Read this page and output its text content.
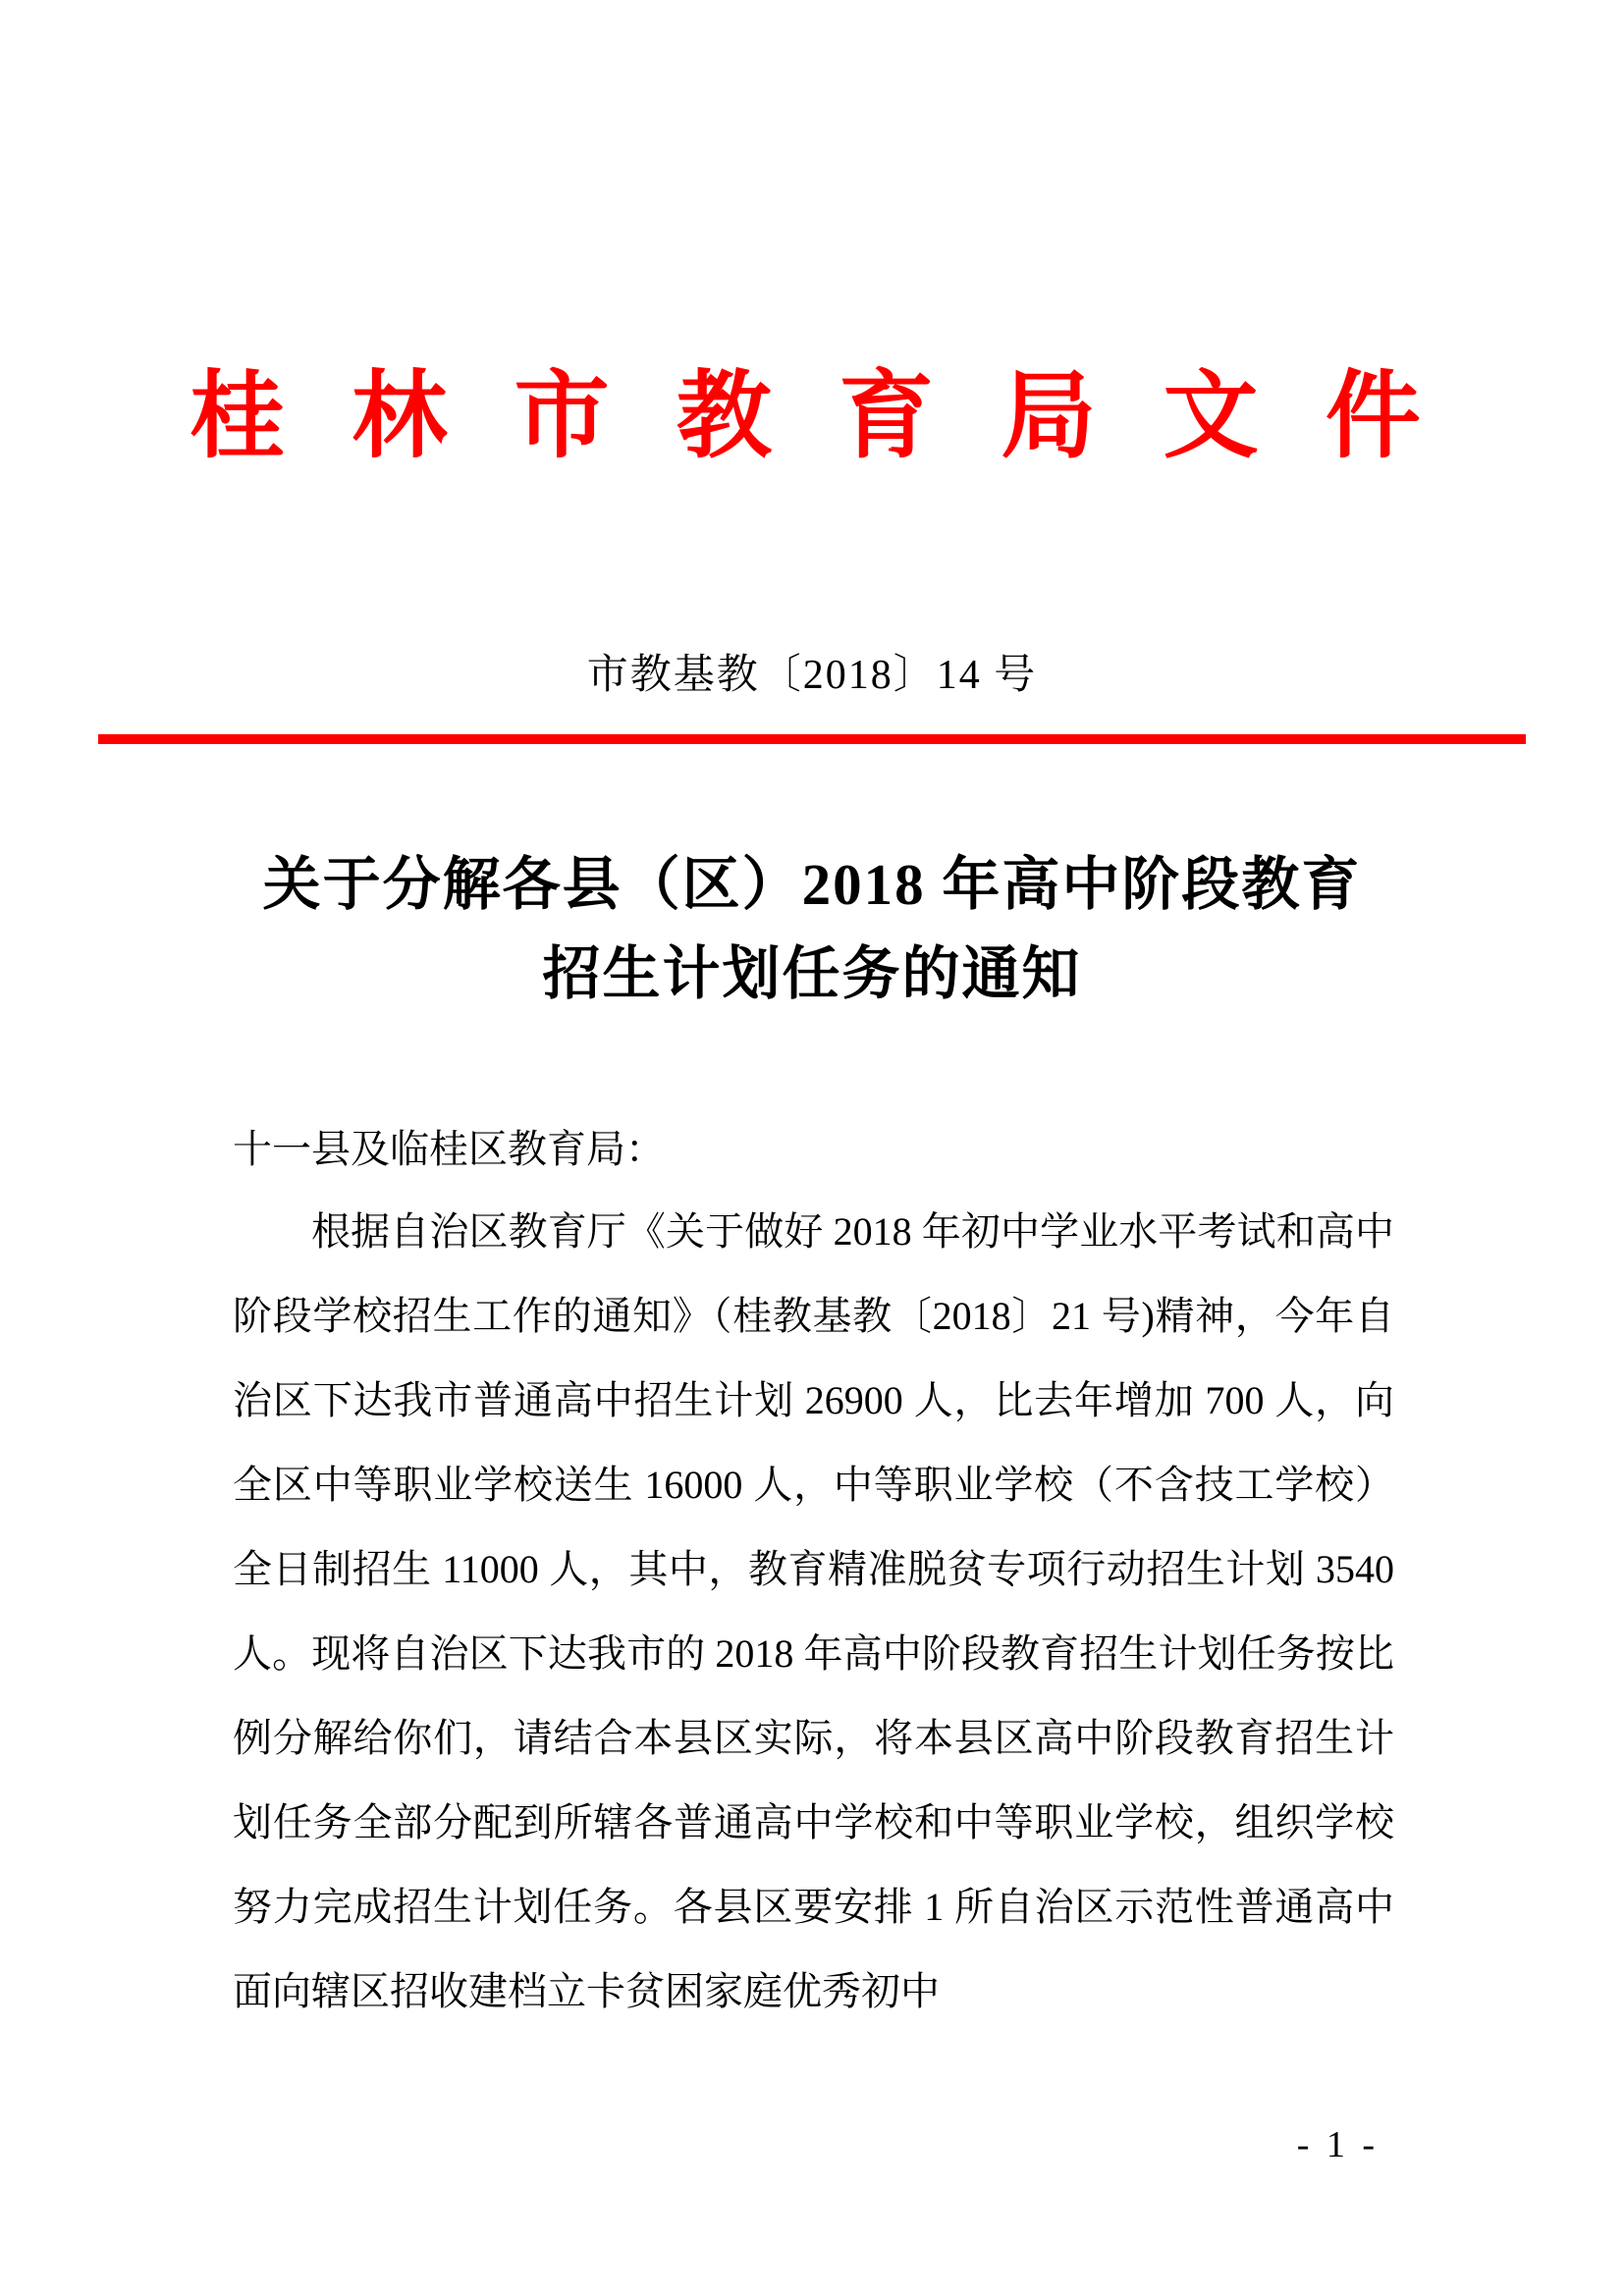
桂 林 市 教 育 局 文 件
市教基教〔2018〕14 号
关于分解各县（区）2018 年高中阶段教育
招生计划任务的通知
十一县及临桂区教育局：

根据自治区教育厅《关于做好 2018 年初中学业水平考试和高中阶段学校招生工作的通知》（桂教基教〔2018〕21 号)精神，今年自治区下达我市普通高中招生计划 26900 人，比去年增加 700 人，向全区中等职业学校送生 16000 人，中等职业学校（不含技工学校）全日制招生 11000 人，其中，教育精准脱贫专项行动招生计划 3540 人。现将自治区下达我市的 2018 年高中阶段教育招生计划任务按比例分解给你们，请结合本县区实际，将本县区高中阶段教育招生计划任务全部分配到所辖各普通高中学校和中等职业学校，组织学校努力完成招生计划任务。各县区要安排 1 所自治区示范性普通高中面向辖区招收建档立卡贫困家庭优秀初中

- 1 -
